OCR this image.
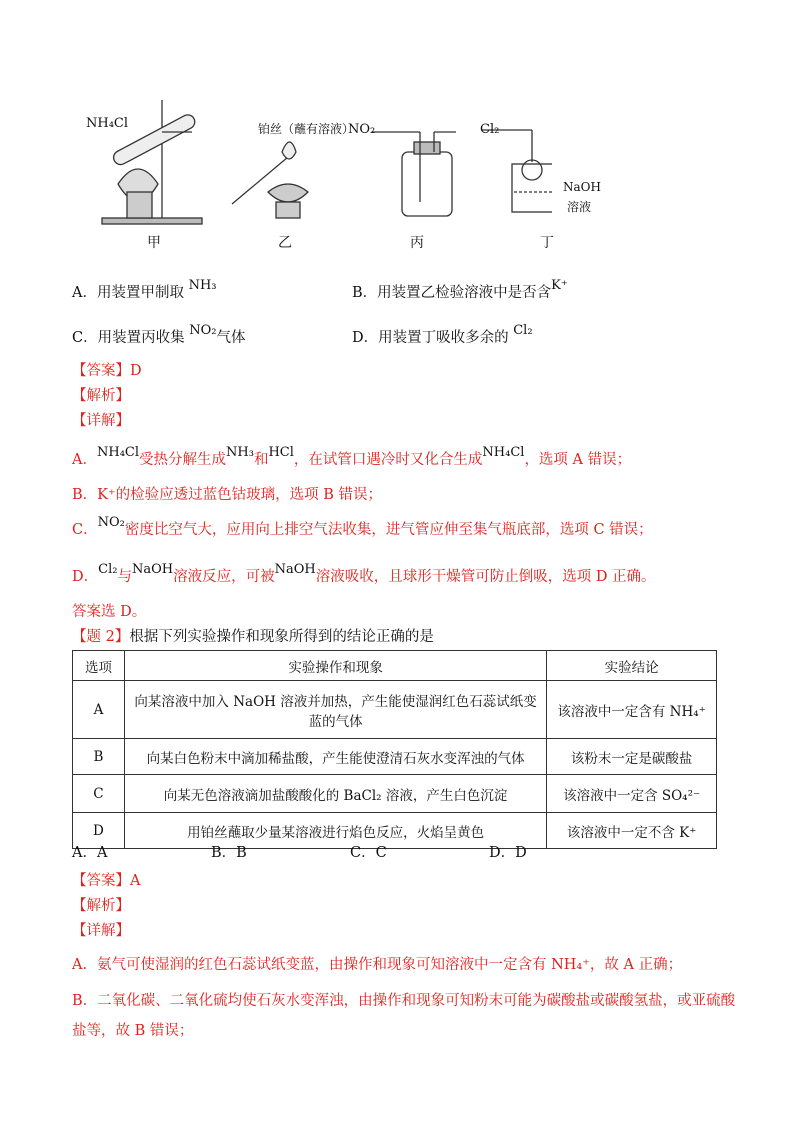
NH₄Cl	铂丝（蘸有溶液）
NO₂	Cl₂
NaOH
溶液
甲	乙	丙	丁
A．用装置甲制取 NH₃	B．用装置乙检验溶液中是否含K⁺
C．用装置丙收集 NO₂气体	D．用装置丁吸收多余的 Cl₂
【答案】D
【解析】
【详解】
A．NH₄Cl受热分解生成NH₃和HCl，在试管口遇冷时又化合生成NH₄Cl，选项 A 错误；
B．K⁺的检验应透过蓝色钴玻璃，选项 B 错误；
C．NO₂密度比空气大，应用向上排空气法收集，进气管应伸至集气瓶底部，选项 C 错误；
D．Cl₂与NaOH溶液反应，可被NaOH溶液吸收，且球形干燥管可防止倒吸，选项 D 正确。
答案选 D。
【题 2】根据下列实验操作和现象所得到的结论正确的是
选项	实验操作和现象	实验结论
A	向某溶液中加入 NaOH 溶液并加热，产生能使湿润红色石蕊试纸变蓝的气体	该溶液中一定含有 NH₄⁺
B	向某白色粉末中滴加稀盐酸，产生能使澄清石灰水变浑浊的气体	该粉末一定是碳酸盐
C	向某无色溶液滴加盐酸酸化的 BaCl₂ 溶液，产生白色沉淀	该溶液中一定含 SO₄²⁻
D	用铂丝蘸取少量某溶液进行焰色反应，火焰呈黄色	该溶液中一定不含 K⁺
A．A	B．B	C．C	D．D
【答案】A
【解析】
【详解】
A．氨气可使湿润的红色石蕊试纸变蓝，由操作和现象可知溶液中一定含有 NH₄⁺，故 A 正确；
B．二氧化碳、二氧化硫均使石灰水变浑浊，由操作和现象可知粉末可能为碳酸盐或碳酸氢盐，或亚硫酸
盐等，故 B 错误；
